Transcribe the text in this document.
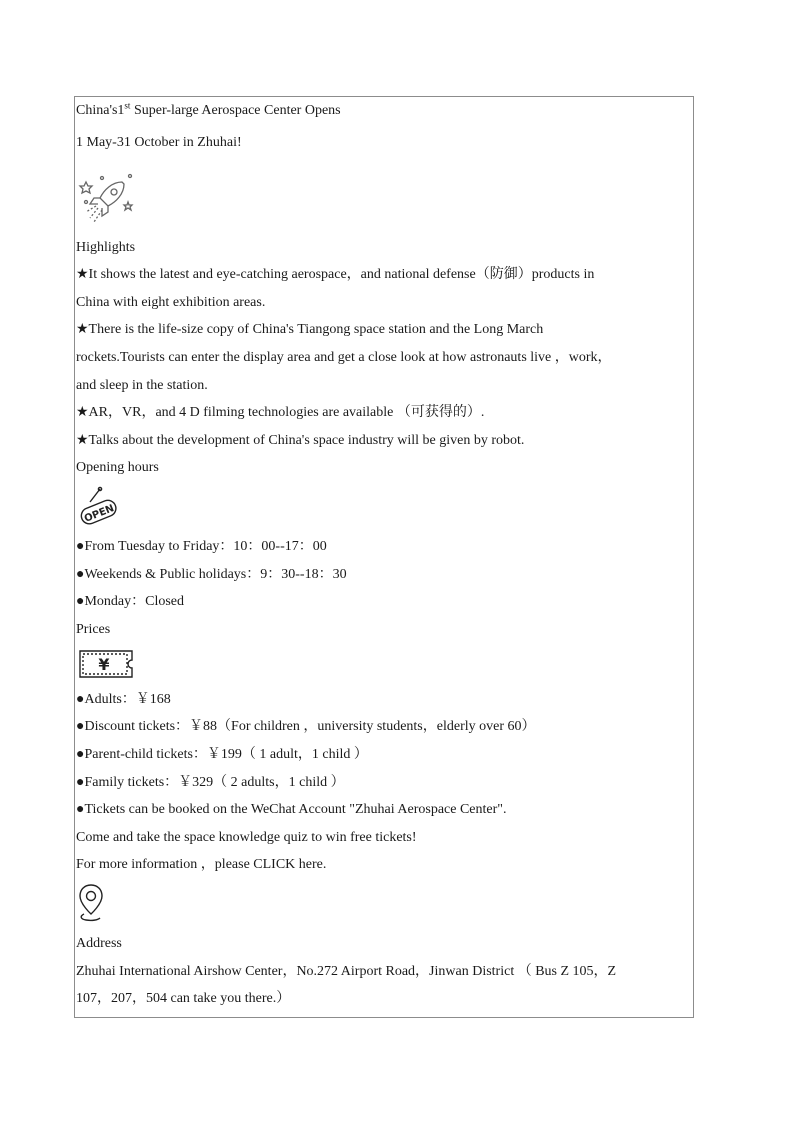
China's1st Super-large Aerospace Center Opens
1 May-31 October in Zhuhai!
Highlights
★It shows the latest and eye-catching aerospace，and national defense（防御）products in
China with eight exhibition areas.
★There is the life-size copy of China's Tiangong space station and the Long March
rockets.Tourists can enter the display area and get a close look at how astronauts live ，work，
and sleep in the station.
★AR，VR，and 4 D filming technologies are available （可获得的）.
★Talks about the development of China's space industry will be given by robot.
Opening hours
OPEN
●From Tuesday to Friday：10：00--17：00
●Weekends & Public holidays：9：30--18：30
●Monday：Closed
Prices
¥
●Adults：￥168
●Discount tickets：￥88（For children ，university students，elderly over 60）
●Parent-child tickets：￥199（ 1 adult，1 child ）
●Family tickets：￥329（ 2 adults，1 child ）
●Tickets can be booked on the WeChat Account "Zhuhai Aerospace Center".
Come and take the space knowledge quiz to win free tickets!
For more information ，please CLICK here.
Address
Zhuhai International Airshow Center，No.272 Airport Road，Jinwan District （ Bus Z 105，Z
107，207，504 can take you there.）
